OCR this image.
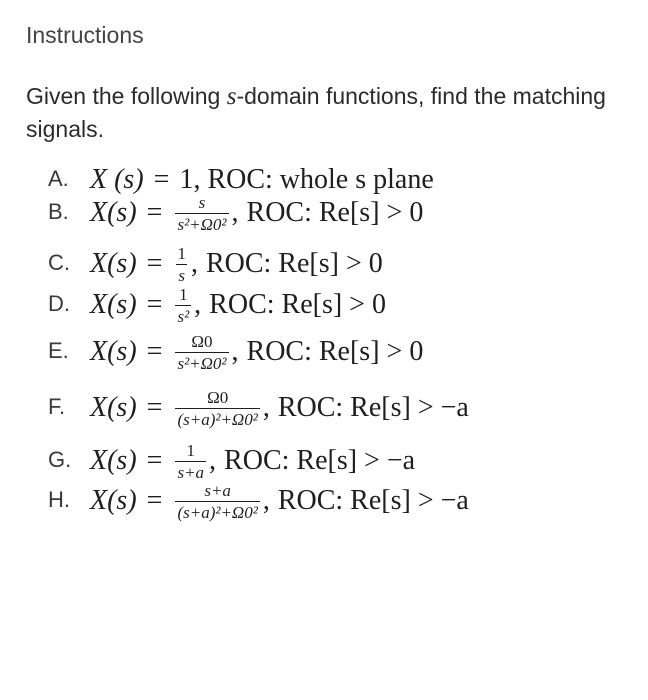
Instructions
Given the following s-domain functions, find the matching signals.
A. X (s) = 1, ROC: whole s plane
B. $X(s) = \frac{s}{\text{s²+Ω0²}}$ , ROC: Re[s] > 0
C. $X(s) = \frac{1}{s}$ , ROC: Re[s] > 0
D. $X(s) = \frac{1}{\text{s²}}$ , ROC: Re[s] > 0
E. $X(s) = \frac{\Omega 0}{\text{s²+Ω0²}}$ , ROC: Re[s] > 0
F. $X(s) = \frac{\Omega 0}{\text{(s+a)²+Ω0²}}$ , ROC: Re[s] > −a
G. $X(s) = \frac{1}{s+a}$ , ROC: Re[s] > −a
H. $X(s) = \frac{s+a}{\text{(s+a)²+Ω0²}}$ , ROC: Re[s] > −a
